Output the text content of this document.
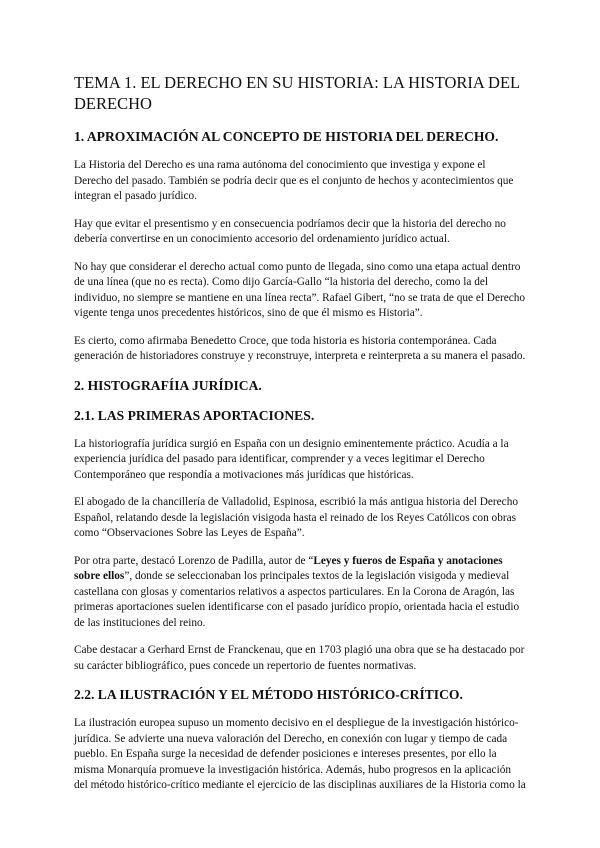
TEMA 1. EL DERECHO EN SU HISTORIA: LA HISTORIA DEL DERECHO
1. APROXIMACIÓN AL CONCEPTO DE HISTORIA DEL DERECHO.

La Historia del Derecho es una rama autónoma del conocimiento que investiga y expone el Derecho del pasado. También se podría decir que es el conjunto de hechos y acontecimientos que integran el pasado jurídico.

Hay que evitar el presentismo y en consecuencia podríamos decir que la historia del derecho no debería convertirse en un conocimiento accesorio del ordenamiento jurídico actual.

No hay que considerar el derecho actual como punto de llegada, sino como una etapa actual dentro de una línea (que no es recta). Como dijo García-Gallo “la historia del derecho, como la del individuo, no siempre se mantiene en una línea recta”. Rafael Gibert, “no se trata de que el Derecho vigente tenga unos precedentes históricos, sino de que él mismo es Historia”.

Es cierto, como afirmaba Benedetto Croce, que toda historia es historia contemporánea. Cada generación de historiadores construye y reconstruye, interpreta e reinterpreta a su manera el pasado.

2. HISTOGRAFÍIA JURÍDICA.
2.1. LAS PRIMERAS APORTACIONES.

La historiografía jurídica surgió en España con un designio eminentemente práctico. Acudía a la experiencia jurídica del pasado para identificar, comprender y a veces legitimar el Derecho Contemporáneo que respondía a motivaciones más jurídicas que históricas.

El abogado de la chancillería de Valladolid, Espinosa, escribió la más antigua historia del Derecho Español, relatando desde la legislación visigoda hasta el reinado de los Reyes Católicos con obras como “Observaciones Sobre las Leyes de España”.

Por otra parte, destacó Lorenzo de Padilla, autor de “Leyes y fueros de España y anotaciones sobre ellos”, donde se seleccionaban los principales textos de la legislación visigoda y medieval castellana con glosas y comentarios relativos a aspectos particulares. En la Corona de Aragón, las primeras aportaciones suelen identificarse con el pasado jurídico propio, orientada hacia el estudio de las instituciones del reino.

Cabe destacar a Gerhard Ernst de Franckenau, que en 1703 plagió una obra que se ha destacado por su carácter bibliográfico, pues concede un repertorio de fuentes normativas.

2.2. LA ILUSTRACIÓN Y EL MÉTODO HISTÓRICO-CRÍTICO.

La ilustración europea supuso un momento decisivo en el despliegue de la investigación histórico-jurídica. Se advierte una nueva valoración del Derecho, en conexión con lugar y tiempo de cada pueblo. En España surge la necesidad de defender posiciones e intereses presentes, por ello la misma Monarquía promueve la investigación histórica. Además, hubo progresos en la aplicación del método histórico-crítico mediante el ejercicio de las disciplinas auxiliares de la Historia como la
